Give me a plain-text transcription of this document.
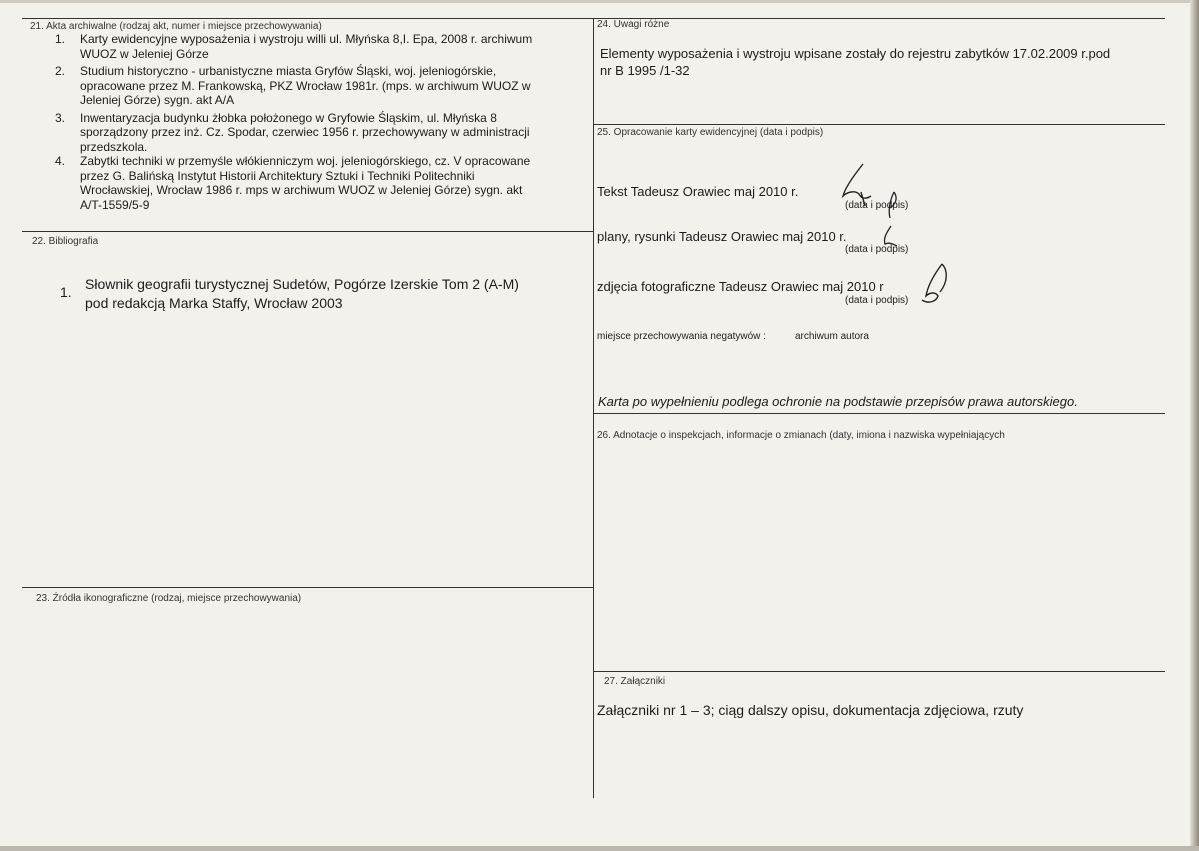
21. Akta archiwalne (rodzaj akt, numer i miejsce przechowywania)
1. Karty ewidencyjne wyposażenia i wystroju willi ul. Młyńska 8,I. Epa, 2008 r. archiwum
WUOZ w Jeleniej Górze
2. Studium historyczno - urbanistyczne miasta Gryfów Śląski, woj. jeleniogórskie,
opracowane przez M. Frankowską, PKZ Wrocław 1981r. (mps. w archiwum WUOZ w
Jeleniej Górze) sygn. akt A/A
3. Inwentaryzacja budynku żłobka położonego w Gryfowie Śląskim, ul. Młyńska 8
sporządzony przez inż. Cz. Spodar, czerwiec 1956 r. przechowywany w administracji
przedszkola.
4. Zabytki techniki w przemyśle włókienniczym woj. jeleniogórskiego, cz. V opracowane
przez G. Balińską Instytut Historii Architektury Sztuki i Techniki Politechniki
Wrocławskiej, Wrocław 1986 r. mps w archiwum WUOZ w Jeleniej Górze) sygn. akt
A/T-1559/5-9
22. Bibliografia
1. Słownik geografii turystycznej Sudetów, Pogórze Izerskie Tom 2 (A-M)
pod redakcją Marka Staffy, Wrocław 2003
23. Źródła ikonograficzne (rodzaj, miejsce przechowywania)
24. Uwagi różne
Elementy wyposażenia i wystroju wpisane zostały do rejestru zabytków 17.02.2009 r.pod
nr B 1995 /1-32
25. Opracowanie karty ewidencyjnej (data i podpis)
Tekst Tadeusz Orawiec maj 2010 r.
(data i podpis)
plany, rysunki Tadeusz Orawiec maj 2010 r.
(data i podpis)
zdjęcia fotograficzne Tadeusz Orawiec maj 2010 r
(data i podpis)
miejsce przechowywania negatywów :	archiwum autora
Karta po wypełnieniu podlega ochronie na podstawie przepisów prawa autorskiego.
26. Adnotacje o inspekcjach, informacje o zmianach (daty, imiona i nazwiska wypełniających
27. Załączniki
Załączniki nr 1 – 3; ciąg dalszy opisu, dokumentacja zdjęciowa, rzuty
